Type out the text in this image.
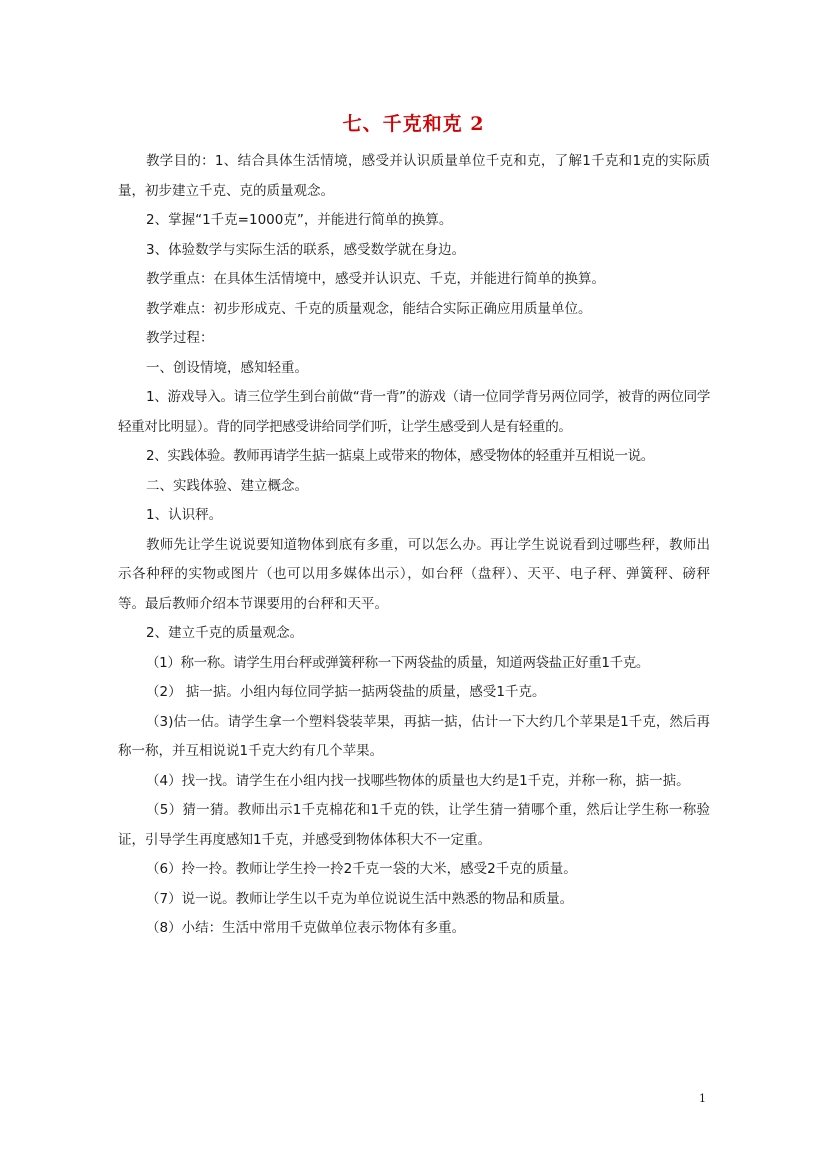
七、千克和克 2

教学目的：1、结合具体生活情境，感受并认识质量单位千克和克，了解1千克和1克的实际质量，初步建立千克、克的质量观念。

2、掌握“1千克=1000克”，并能进行简单的换算。

3、体验数学与实际生活的联系，感受数学就在身边。

教学重点：在具体生活情境中，感受并认识克、千克，并能进行简单的换算。

教学难点：初步形成克、千克的质量观念，能结合实际正确应用质量单位。

教学过程：

一、创设情境，感知轻重。

1、游戏导入。请三位学生到台前做“背一背”的游戏（请一位同学背另两位同学，被背的两位同学轻重对比明显）。背的同学把感受讲给同学们听，让学生感受到人是有轻重的。

2、实践体验。教师再请学生掂一掂桌上或带来的物体，感受物体的轻重并互相说一说。

二、实践体验、建立概念。

1、认识秤。

教师先让学生说说要知道物体到底有多重，可以怎么办。再让学生说说看到过哪些秤，教师出示各种秤的实物或图片（也可以用多媒体出示），如台秤（盘秤）、天平、电子秤、弹簧秤、磅秤等。最后教师介绍本节课要用的台秤和天平。

2、建立千克的质量观念。

（1）称一称。请学生用台秤或弹簧秤称一下两袋盐的质量，知道两袋盐正好重1千克。

（2） 掂一掂。小组内每位同学掂一掂两袋盐的质量，感受1千克。

（3)估一估。请学生拿一个塑料袋装苹果，再掂一掂，估计一下大约几个苹果是1千克，然后再称一称，并互相说说1千克大约有几个苹果。

（4）找一找。请学生在小组内找一找哪些物体的质量也大约是1千克，并称一称，掂一掂。

（5）猜一猜。教师出示1千克棉花和1千克的铁，让学生猜一猜哪个重，然后让学生称一称验证，引导学生再度感知1千克，并感受到物体体积大不一定重。

（6）拎一拎。教师让学生拎一拎2千克一袋的大米，感受2千克的质量。

（7）说一说。教师让学生以千克为单位说说生活中熟悉的物品和质量。

（8）小结：生活中常用千克做单位表示物体有多重。

1
